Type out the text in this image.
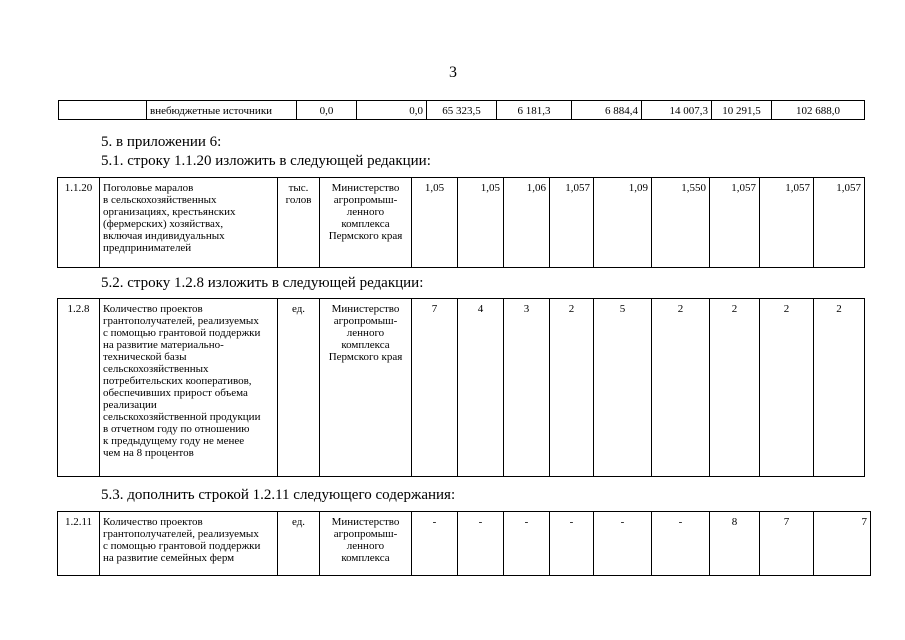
3
	внебюджетные источники	0,0	0,0	65 323,5	6 181,3	6 884,4	14 007,3	10 291,5	102 688,0
5. в приложении 6:
5.1. строку 1.1.20 изложить в следующей редакции:
1.1.20	Поголовье маралов
в сельскохозяйственных
организациях, крестьянских
(фермерских) хозяйствах,
включая индивидуальных
предпринимателей	тыс.
голов	Министерство
агропромыш-
ленного
комплекса
Пермского края	1,05	1,05	1,06	1,057	1,09	1,550	1,057	1,057	1,057
5.2. строку 1.2.8 изложить в следующей редакции:
1.2.8	Количество проектов
грантополучателей, реализуемых
с помощью грантовой поддержки
на развитие материально-
технической базы
сельскохозяйственных
потребительских кооперативов,
обеспечивших прирост объема
реализации
сельскохозяйственной продукции
в отчетном году по отношению
к предыдущему году не менее
чем на 8 процентов	ед.	Министерство
агропромыш-
ленного
комплекса
Пермского края	7	4	3	2	5	2	2	2	2
5.3. дополнить строкой 1.2.11 следующего содержания:
1.2.11	Количество проектов
грантополучателей, реализуемых
с помощью грантовой поддержки
на развитие семейных ферм	ед.	Министерство
агропромыш-
ленного
комплекса	-	-	-	-	-	-	8	7	7
